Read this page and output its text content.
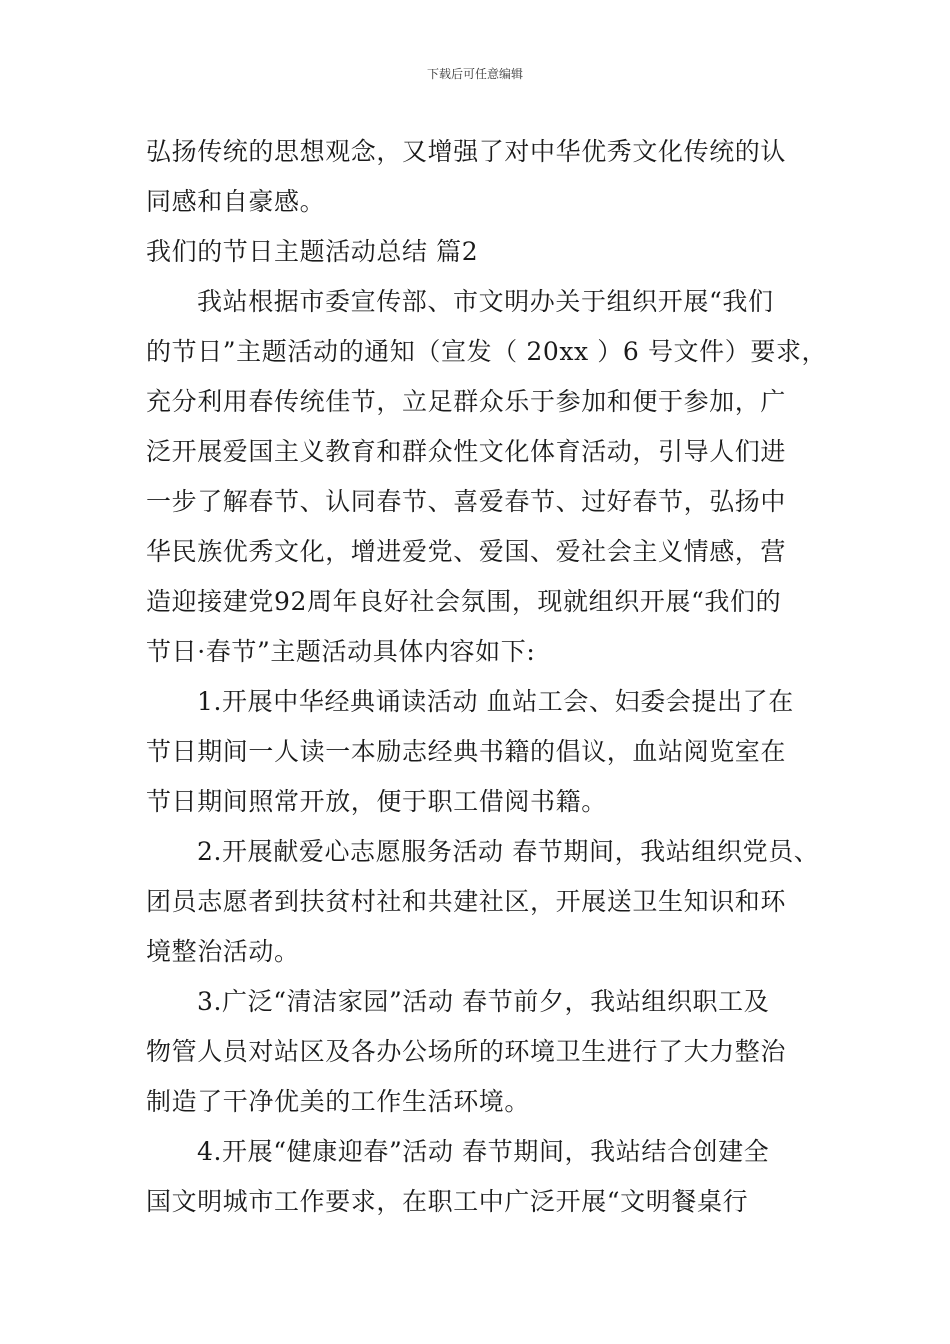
下载后可任意编辑
弘扬传统的思想观念，又增强了对中华优秀文化传统的认
同感和自豪感。
我们的节日主题活动总结 篇2
我站根据市委宣传部、市文明办关于组织开展“我们
的节日”主题活动的通知（宣发（ 20xx ）6 号文件）要求，
充分利用春传统佳节，立足群众乐于参加和便于参加，广
泛开展爱国主义教育和群众性文化体育活动，引导人们进
一步了解春节、认同春节、喜爱春节、过好春节，弘扬中
华民族优秀文化，增进爱党、爱国、爱社会主义情感，营
造迎接建党92周年良好社会氛围，现就组织开展“我们的
节日·春节”主题活动具体内容如下:
1.开展中华经典诵读活动 血站工会、妇委会提出了在
节日期间一人读一本励志经典书籍的倡议，血站阅览室在
节日期间照常开放，便于职工借阅书籍。
2.开展献爱心志愿服务活动 春节期间，我站组织党员、
团员志愿者到扶贫村社和共建社区，开展送卫生知识和环
境整治活动。
3.广泛“清洁家园”活动 春节前夕，我站组织职工及
物管人员对站区及各办公场所的环境卫生进行了大力整治
制造了干净优美的工作生活环境。
4.开展“健康迎春”活动 春节期间，我站结合创建全
国文明城市工作要求，在职工中广泛开展“文明餐桌行
